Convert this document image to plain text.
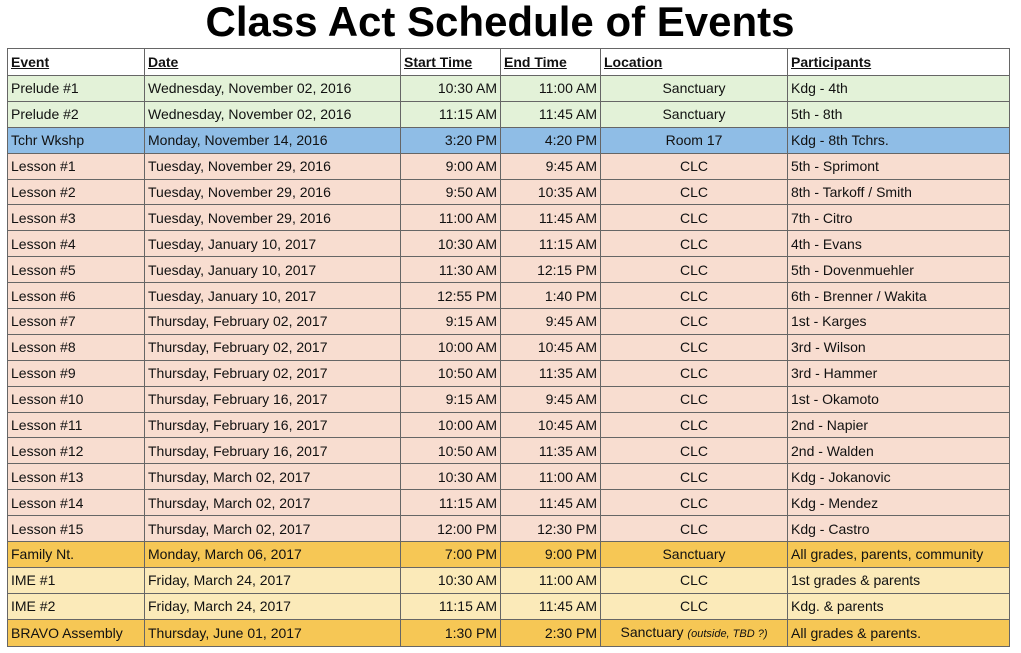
Class Act Schedule of Events
Event	Date	Start Time	End Time	Location	Participants
Prelude #1	Wednesday, November 02, 2016	10:30 AM	11:00 AM	Sanctuary	Kdg - 4th
Prelude #2	Wednesday, November 02, 2016	11:15 AM	11:45 AM	Sanctuary	5th - 8th
Tchr Wkshp	Monday, November 14, 2016	3:20 PM	4:20 PM	Room 17	Kdg - 8th Tchrs.
Lesson #1	Tuesday, November 29, 2016	9:00 AM	9:45 AM	CLC	5th - Sprimont
Lesson #2	Tuesday, November 29, 2016	9:50 AM	10:35 AM	CLC	8th - Tarkoff / Smith
Lesson #3	Tuesday, November 29, 2016	11:00 AM	11:45 AM	CLC	7th - Citro
Lesson #4	Tuesday, January 10, 2017	10:30 AM	11:15 AM	CLC	4th - Evans
Lesson #5	Tuesday, January 10, 2017	11:30 AM	12:15 PM	CLC	5th - Dovenmuehler
Lesson #6	Tuesday, January 10, 2017	12:55 PM	1:40 PM	CLC	6th - Brenner / Wakita
Lesson #7	Thursday, February 02, 2017	9:15 AM	9:45 AM	CLC	1st - Karges
Lesson #8	Thursday, February 02, 2017	10:00 AM	10:45 AM	CLC	3rd - Wilson
Lesson #9	Thursday, February 02, 2017	10:50 AM	11:35 AM	CLC	3rd - Hammer
Lesson #10	Thursday, February 16, 2017	9:15 AM	9:45 AM	CLC	1st - Okamoto
Lesson #11	Thursday, February 16, 2017	10:00 AM	10:45 AM	CLC	2nd - Napier
Lesson #12	Thursday, February 16, 2017	10:50 AM	11:35 AM	CLC	2nd - Walden
Lesson #13	Thursday, March 02, 2017	10:30 AM	11:00 AM	CLC	Kdg - Jokanovic
Lesson #14	Thursday, March 02, 2017	11:15 AM	11:45 AM	CLC	Kdg - Mendez
Lesson #15	Thursday, March 02, 2017	12:00 PM	12:30 PM	CLC	Kdg - Castro
Family Nt.	Monday, March 06, 2017	7:00 PM	9:00 PM	Sanctuary	All grades, parents, community
IME #1	Friday, March 24, 2017	10:30 AM	11:00 AM	CLC	1st grades & parents
IME #2	Friday, March 24, 2017	11:15 AM	11:45 AM	CLC	Kdg. & parents
BRAVO Assembly	Thursday, June 01, 2017	1:30 PM	2:30 PM	Sanctuary (outside, TBD ?)	All grades & parents.
